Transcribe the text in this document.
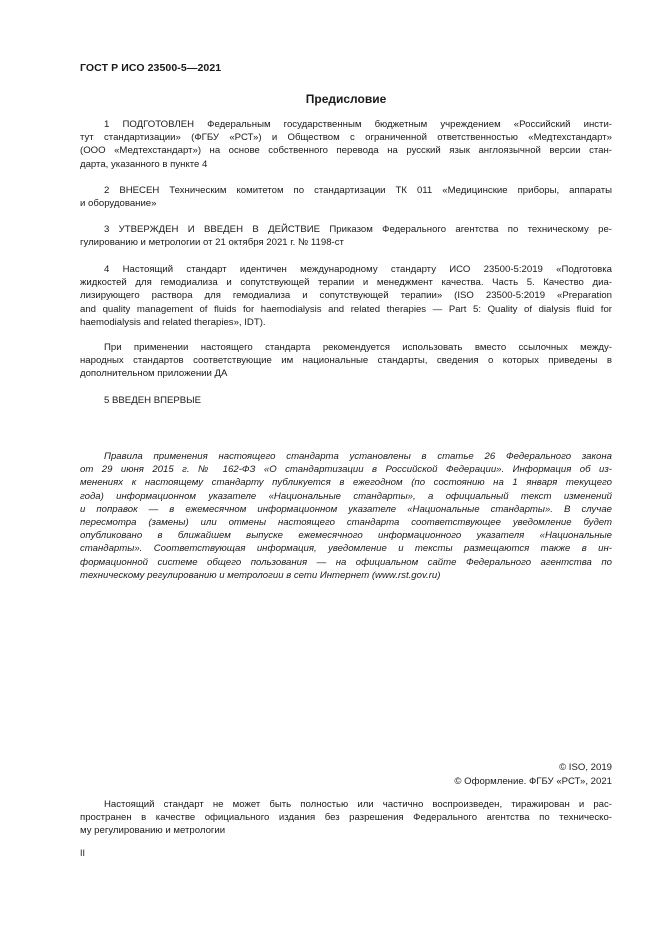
ГОСТ Р ИСО 23500-5—2021
Предисловие
1 ПОДГОТОВЛЕН Федеральным государственным бюджетным учреждением «Российский инсти-
тут стандартизации» (ФГБУ «РСТ») и Обществом с ограниченной ответственностью «Медтехстандарт»
(ООО «Медтехстандарт») на основе собственного перевода на русский язык англоязычной версии стан-
дарта, указанного в пункте 4
2 ВНЕСЕН Техническим комитетом по стандартизации ТК 011 «Медицинские приборы, аппараты
и оборудование»
3 УТВЕРЖДЕН И ВВЕДЕН В ДЕЙСТВИЕ Приказом Федерального агентства по техническому ре-
гулированию и метрологии от 21 октября 2021 г. № 1198-ст
4 Настоящий стандарт идентичен международному стандарту ИСО 23500-5:2019 «Подготовка
жидкостей для гемодиализа и сопутствующей терапии и менеджмент качества. Часть 5. Качество диа-
лизирующего раствора для гемодиализа и сопутствующей терапии» (ISO 23500-5:2019 «Preparation
and quality management of fluids for haemodialysis and related therapies — Part 5: Quality of dialysis fluid for
haemodialysis and related therapies», IDT).
При применении настоящего стандарта рекомендуется использовать вместо ссылочных между-
народных стандартов соответствующие им национальные стандарты, сведения о которых приведены в
дополнительном приложении ДА
5 ВВЕДЕН ВПЕРВЫЕ
Правила применения настоящего стандарта установлены в статье 26 Федерального закона
от 29 июня 2015 г. № 162-ФЗ «О стандартизации в Российской Федерации». Информация об из-
менениях к настоящему стандарту публикуется в ежегодном (по состоянию на 1 января текущего
года) информационном указателе «Национальные стандарты», а официальный текст изменений
и поправок — в ежемесячном информационном указателе «Национальные стандарты». В случае
пересмотра (замены) или отмены настоящего стандарта соответствующее уведомление будет
опубликовано в ближайшем выпуске ежемесячного информационного указателя «Национальные
стандарты». Соответствующая информация, уведомление и тексты размещаются также в ин-
формационной системе общего пользования — на официальном сайте Федерального агентства по
техническому регулированию и метрологии в сети Интернет (www.rst.gov.ru)
© ISO, 2019
© Оформление. ФГБУ «РСТ», 2021
Настоящий стандарт не может быть полностью или частично воспроизведен, тиражирован и рас-
пространен в качестве официального издания без разрешения Федерального агентства по техническо-
му регулированию и метрологии
II
